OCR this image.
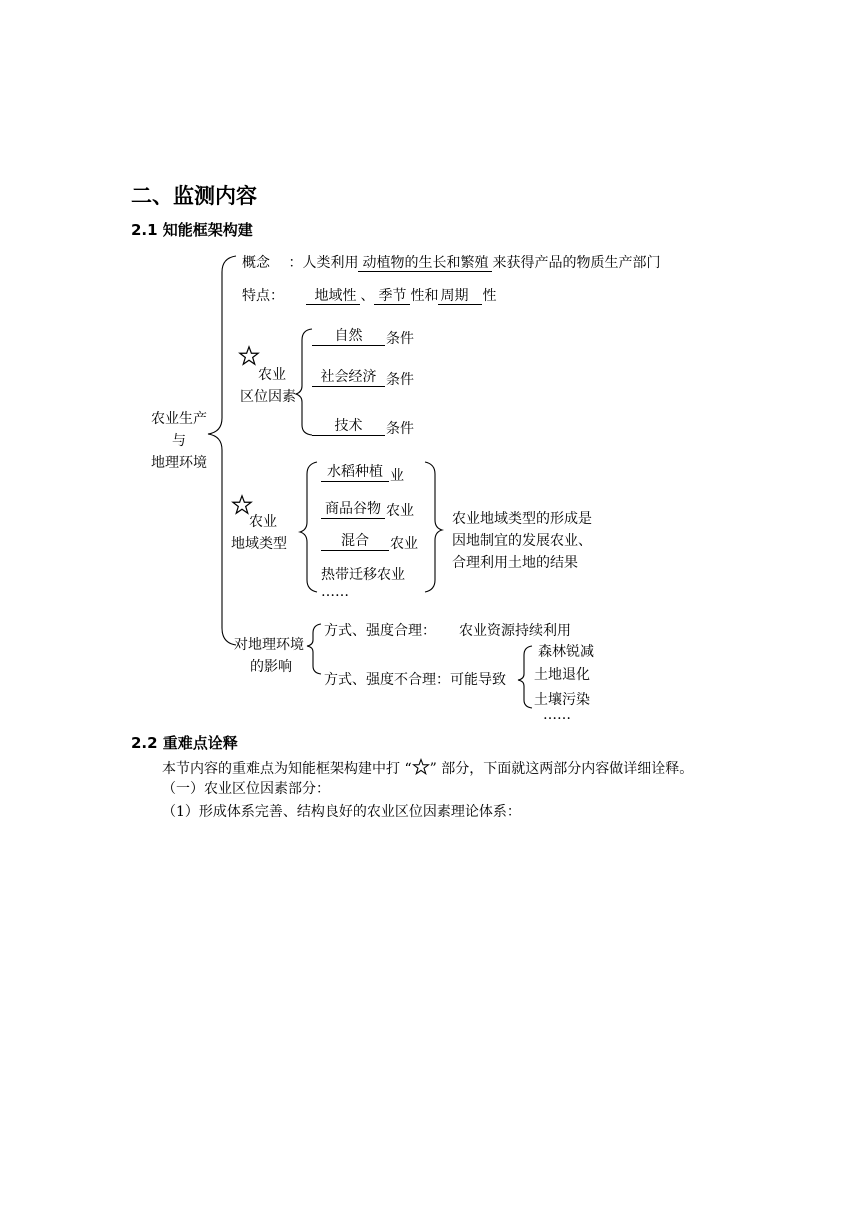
二、监测内容
2.1 知能框架构建
农业生产
与
地理环境
概念 ：人类利用 动植物的生长和繁殖 来获得产品的物质生产部门
特点： 地域性 、 季节 性和 周期 性
农业
区位因素
自然	条件
社会经济 条件
技术	条件
农业
地域类型
水稻种植 业
商品谷物 农业
混合	农业
热带迁移农业
……
农业地域类型的形成是
因地制宜的发展农业、
合理利用土地的结果
对地理环境
的影响
方式、强度合理： 农业资源持续利用
方式、强度不合理：可能导致
森林锐减
土地退化
土壤污染
……
2.2 重难点诠释
本节内容的重难点为知能框架构建中打 “ ” 部分，下面就这两部分内容做详细诠释。
（一）农业区位因素部分：
（1）形成体系完善、结构良好的农业区位因素理论体系：
